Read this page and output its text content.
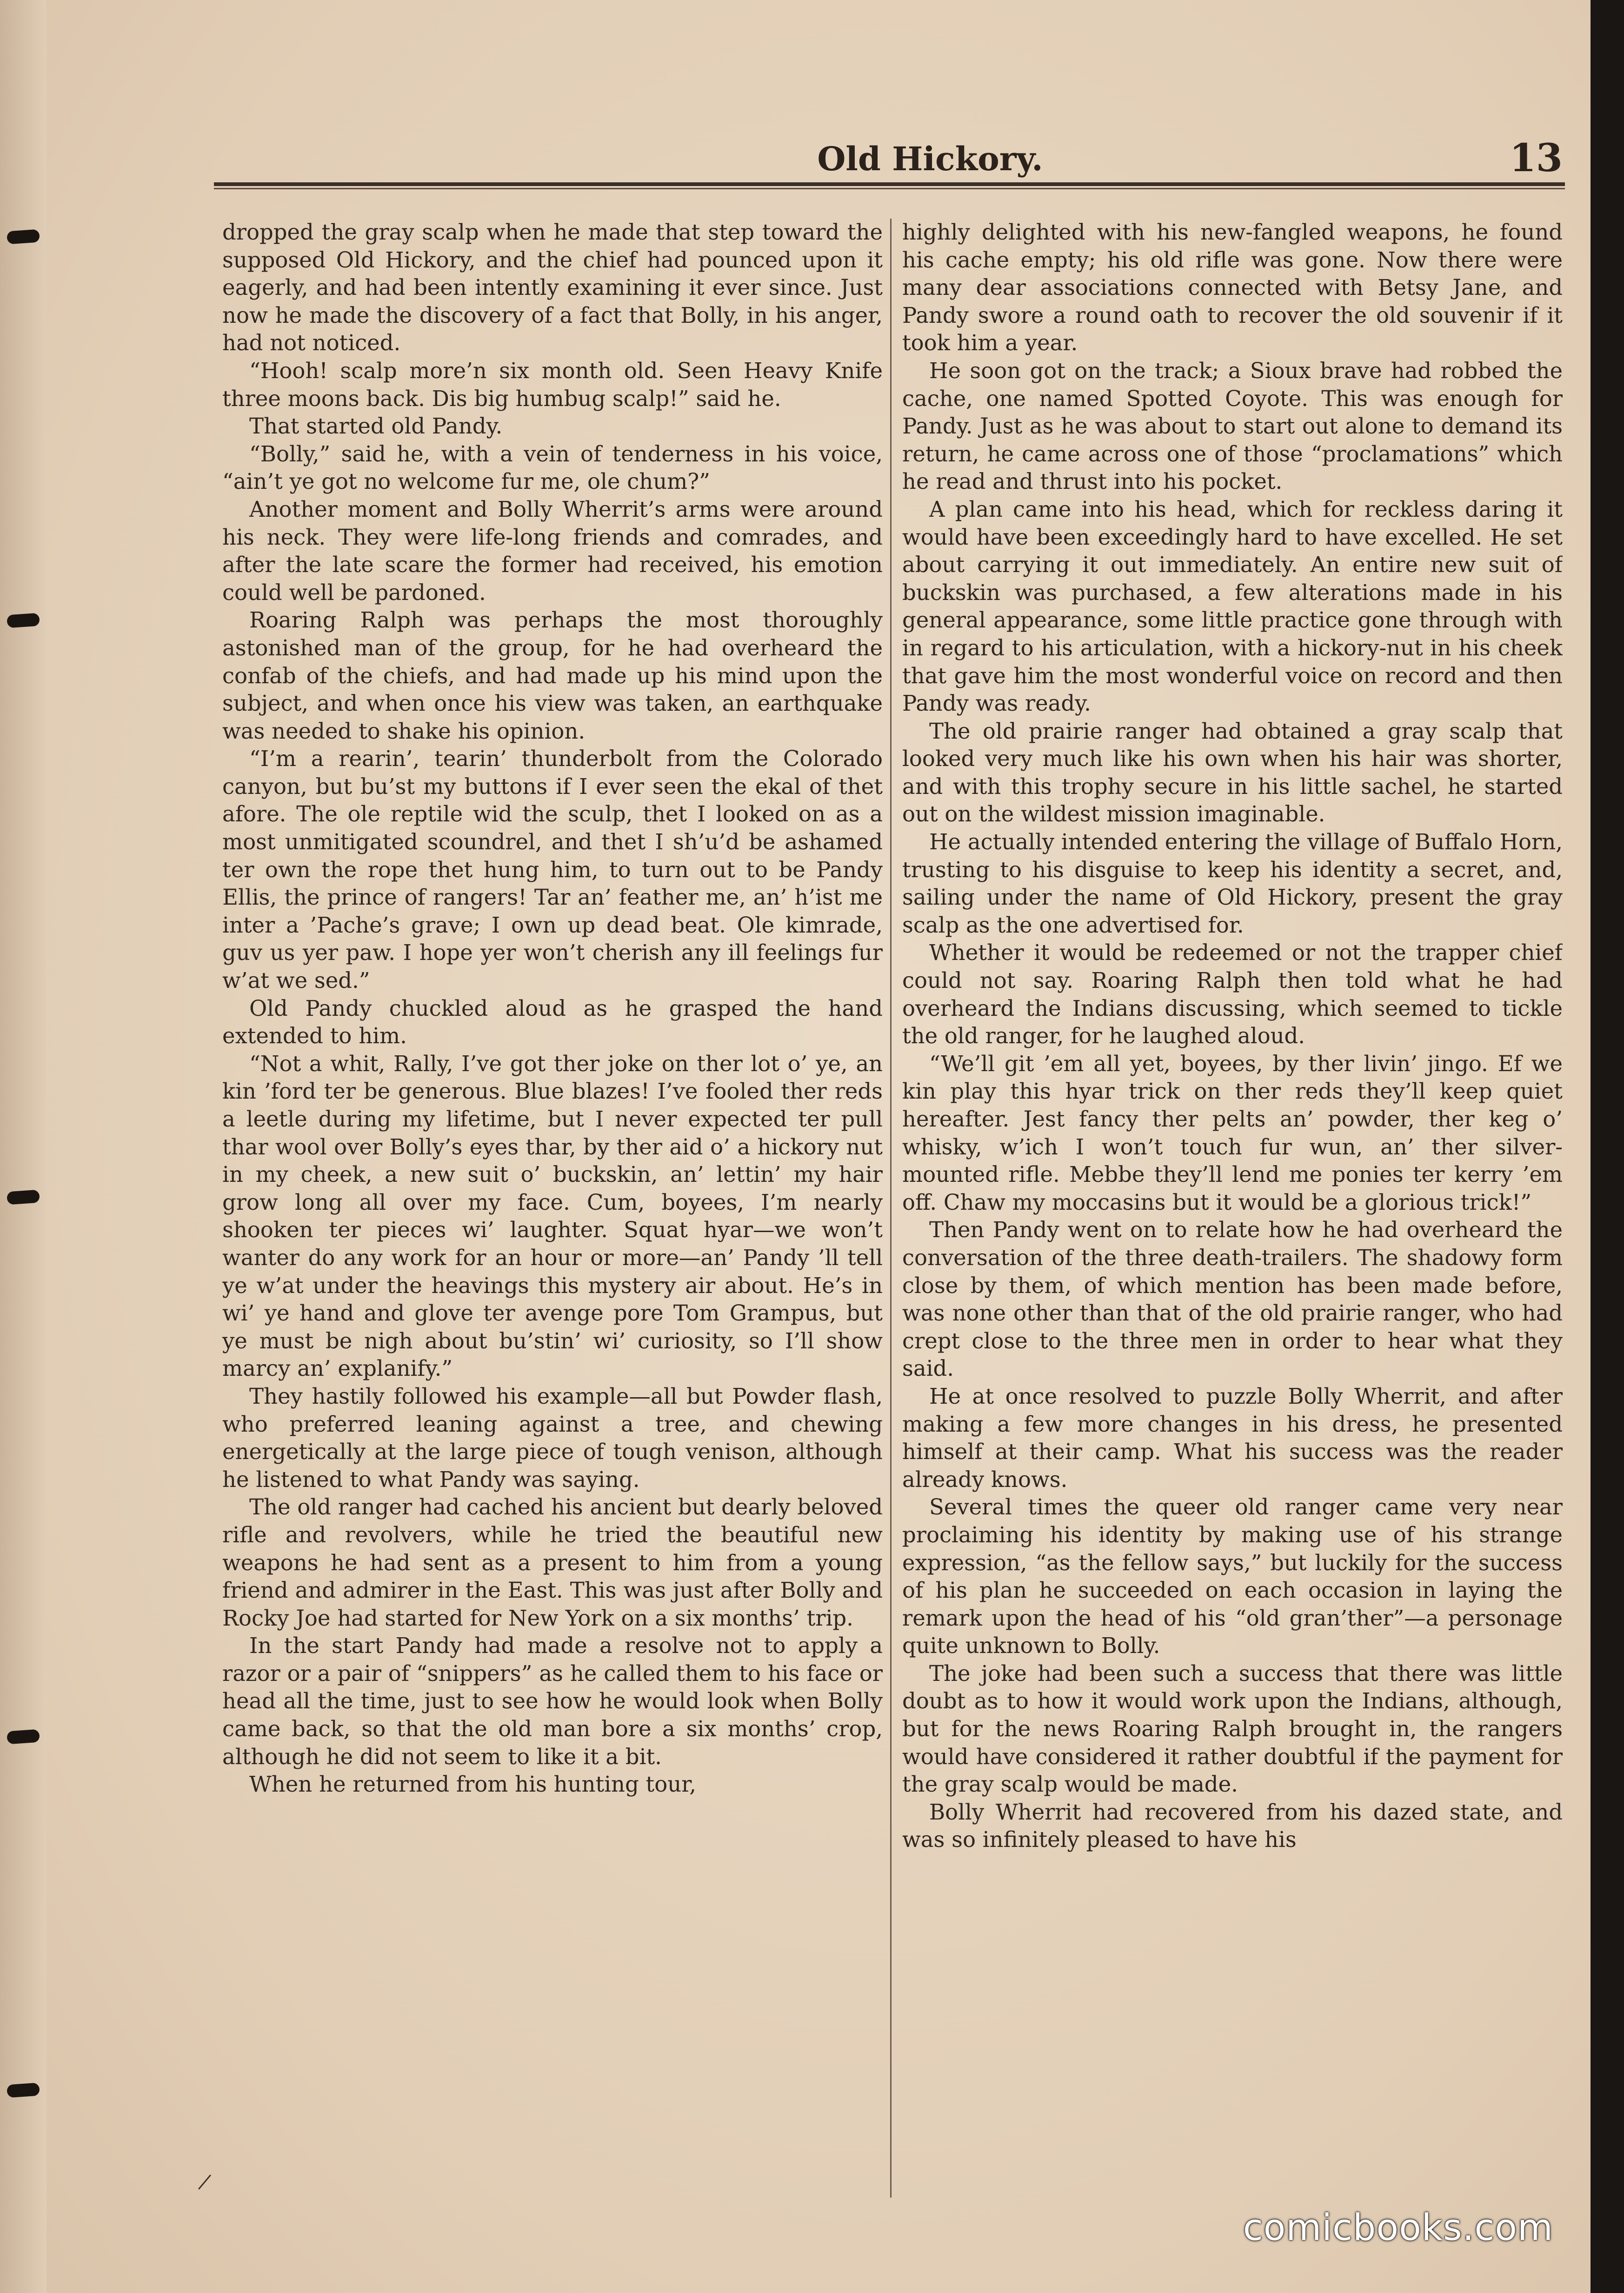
Old Hickory.	13

dropped the gray scalp when he made that step toward the supposed Old Hickory, and the chief had pounced upon it eagerly, and had been intently examining it ever since. Just now he made the discovery of a fact that Bolly, in his anger, had not noticed.

“Hooh! scalp more’n six month old. Seen Heavy Knife three moons back. Dis big humbug scalp!” said he.

That started old Pandy.

“Bolly,” said he, with a vein of tenderness in his voice, “ain’t ye got no welcome fur me, ole chum?”

Another moment and Bolly Wherrit’s arms were around his neck. They were life-long friends and comrades, and after the late scare the former had received, his emotion could well be pardoned.

Roaring Ralph was perhaps the most thoroughly astonished man of the group, for he had overheard the confab of the chiefs, and had made up his mind upon the subject, and when once his view was taken, an earthquake was needed to shake his opinion.

“I’m a rearin’, tearin’ thunderbolt from the Colorado canyon, but bu’st my buttons if I ever seen the ekal of thet afore. The ole reptile wid the sculp, thet I looked on as a most unmitigated scoundrel, and thet I sh’u’d be ashamed ter own the rope thet hung him, to turn out to be Pandy Ellis, the prince of rangers! Tar an’ feather me, an’ h’ist me inter a ’Pache’s grave; I own up dead beat. Ole kimrade, guv us yer paw. I hope yer won’t cherish any ill feelings fur w’at we sed.”

Old Pandy chuckled aloud as he grasped the hand extended to him.

“Not a whit, Rally, I’ve got ther joke on ther lot o’ ye, an kin ’ford ter be generous. Blue blazes! I’ve fooled ther reds a leetle during my lifetime, but I never expected ter pull thar wool over Bolly’s eyes thar, by ther aid o’ a hickory nut in my cheek, a new suit o’ buckskin, an’ lettin’ my hair grow long all over my face. Cum, boyees, I’m nearly shooken ter pieces wi’ laughter. Squat hyar—we won’t wanter do any work for an hour or more—an’ Pandy ’ll tell ye w’at under the heavings this mystery air about. He’s in wi’ ye hand and glove ter avenge pore Tom Grampus, but ye must be nigh about bu’stin’ wi’ curiosity, so I’ll show marcy an’ explanify.”

They hastily followed his example—all but Powder flash, who preferred leaning against a tree, and chewing energetically at the large piece of tough venison, although he listened to what Pandy was saying.

The old ranger had cached his ancient but dearly beloved rifle and revolvers, while he tried the beautiful new weapons he had sent as a present to him from a young friend and admirer in the East. This was just after Bolly and Rocky Joe had started for New York on a six months’ trip.

In the start Pandy had made a resolve not to apply a razor or a pair of “snippers” as he called them to his face or head all the time, just to see how he would look when Bolly came back, so that the old man bore a six months’ crop, although he did not seem to like it a bit.

When he returned from his hunting tour,

highly delighted with his new-fangled weapons, he found his cache empty; his old rifle was gone. Now there were many dear associations connected with Betsy Jane, and Pandy swore a round oath to recover the old souvenir if it took him a year.

He soon got on the track; a Sioux brave had robbed the cache, one named Spotted Coyote. This was enough for Pandy. Just as he was about to start out alone to demand its return, he came across one of those “proclamations” which he read and thrust into his pocket.

A plan came into his head, which for reckless daring it would have been exceedingly hard to have excelled. He set about carrying it out immediately. An entire new suit of buckskin was purchased, a few alterations made in his general appearance, some little practice gone through with in regard to his articulation, with a hickory-nut in his cheek that gave him the most wonderful voice on record and then Pandy was ready.

The old prairie ranger had obtained a gray scalp that looked very much like his own when his hair was shorter, and with this trophy secure in his little sachel, he started out on the wildest mission imaginable.

He actually intended entering the village of Buffalo Horn, trusting to his disguise to keep his identity a secret, and, sailing under the name of Old Hickory, present the gray scalp as the one advertised for.

Whether it would be redeemed or not the trapper chief could not say. Roaring Ralph then told what he had overheard the Indians discussing, which seemed to tickle the old ranger, for he laughed aloud.

“We’ll git ’em all yet, boyees, by ther livin’ jingo. Ef we kin play this hyar trick on ther reds they’ll keep quiet hereafter. Jest fancy ther pelts an’ powder, ther keg o’ whisky, w’ich I won’t touch fur wun, an’ ther silver-mounted rifle. Mebbe they’ll lend me ponies ter kerry ’em off. Chaw my moccasins but it would be a glorious trick!”

Then Pandy went on to relate how he had overheard the conversation of the three death-trailers. The shadowy form close by them, of which mention has been made before, was none other than that of the old prairie ranger, who had crept close to the three men in order to hear what they said.

He at once resolved to puzzle Bolly Wherrit, and after making a few more changes in his dress, he presented himself at their camp. What his success was the reader already knows.

Several times the queer old ranger came very near proclaiming his identity by making use of his strange expression, “as the fellow says,” but luckily for the success of his plan he succeeded on each occasion in laying the remark upon the head of his “old gran’ther”—a personage quite unknown to Bolly.

The joke had been such a success that there was little doubt as to how it would work upon the Indians, although, but for the news Roaring Ralph brought in, the rangers would have considered it rather doubtful if the payment for the gray scalp would be made.

Bolly Wherrit had recovered from his dazed state, and was so infinitely pleased to have his

comicbooks.com
